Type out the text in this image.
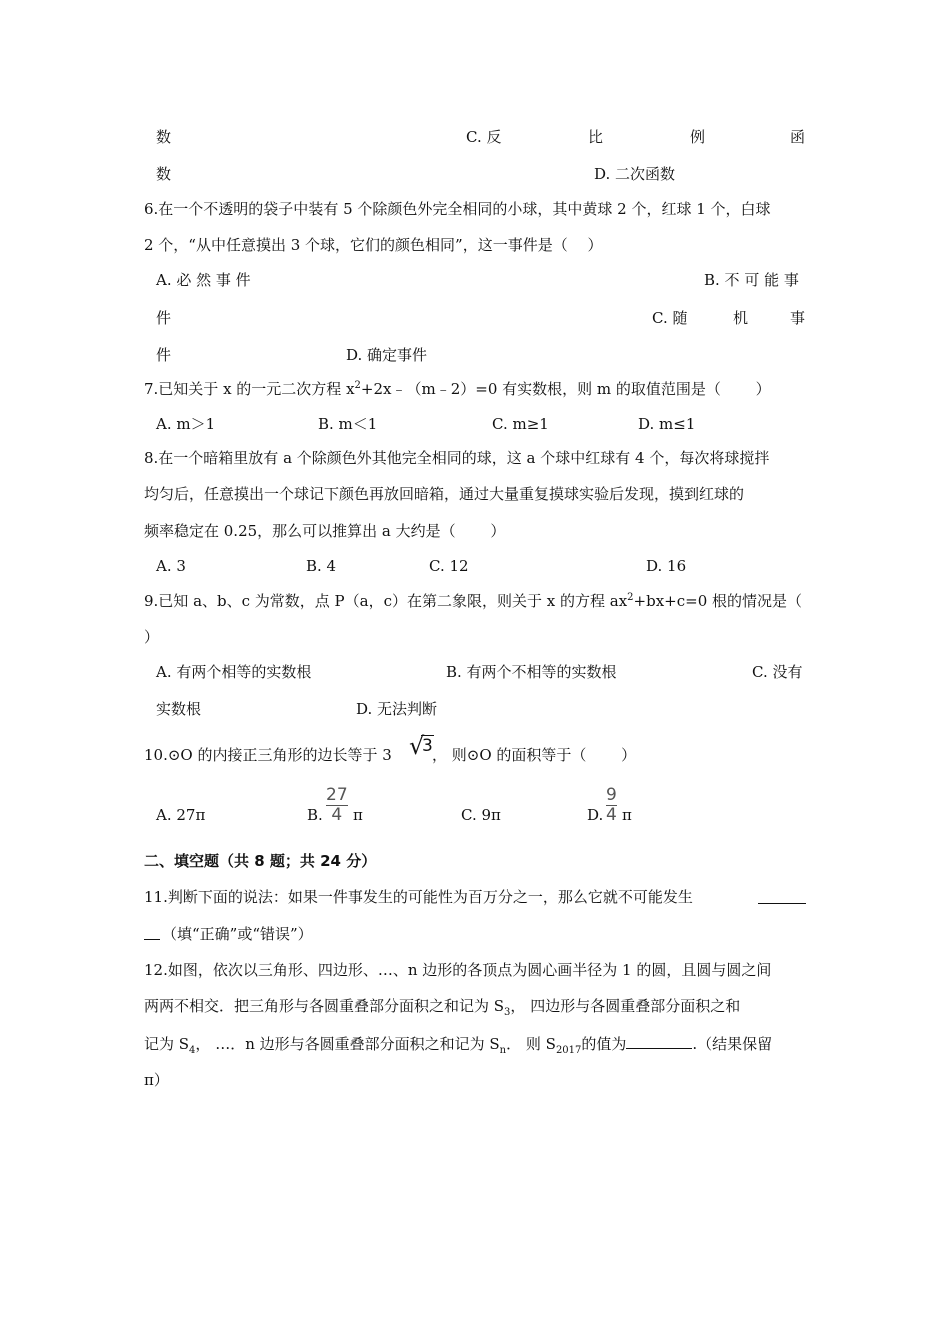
数	C. 反	比	例	函
数	D. 二次函数
6.在一个不透明的袋子中装有 5 个除颜色外完全相同的小球，其中黄球 2 个，红球 1 个，白球
2 个，“从中任意摸出 3 个球，它们的颜色相同”，这一事件是（　 ）
A. 必 然 事 件	B. 不 可 能 事
件	C. 随	机	事
件	D. 确定事件
7.已知关于 x 的一元二次方程 $x^2+2x﹣(m﹣2)=0$ 有实数根，则 m 的取值范围是（　　 ）
A. m＞1	B. m＜1	C. m≥1	D. m≤1
8.在一个暗箱里放有 a 个除颜色外其他完全相同的球，这 a 个球中红球有 4 个，每次将球搅拌
均匀后，任意摸出一个球记下颜色再放回暗箱，通过大量重复摸球实验后发现，摸到红球的
频率稳定在 0.25，那么可以推算出 a 大约是（　　 ）
A. 3	B. 4	C. 12	D. 16
9.已知 a、b、c 为常数，点 P（a，c）在第二象限，则关于 x 的方程 $ax^2+bx+c=0$ 根的情况是（
）
A. 有两个相等的实数根	B. 有两个不相等的实数根	C. 没有
实数根	D. 无法判断
10.⊙O 的内接正三角形的边长等于 3 √
3 ， 则⊙O 的面积等于（　　 ）
A. 27π	B.
27
4 π	C. 9π	D.
9
4 π
二、填空题（共 8 题；共 24 分）
11.判断下面的说法：如果一件事发生的可能性为百万分之一，那么它就不可能发生
（填“正确”或“错误”）
12.如图，依次以三角形、四边形、…、n 边形的各顶点为圆心画半径为 1 的圆，且圆与圆之间
两两不相交．把三角形与各圆重叠部分面积之和记为 $S_3$， 四边形与各圆重叠部分面积之和
记为 $S_4$， …．n 边形与各圆重叠部分面积之和记为 $S_n$． 则 $S_{2017}$的值为	.（结果保留
π）
